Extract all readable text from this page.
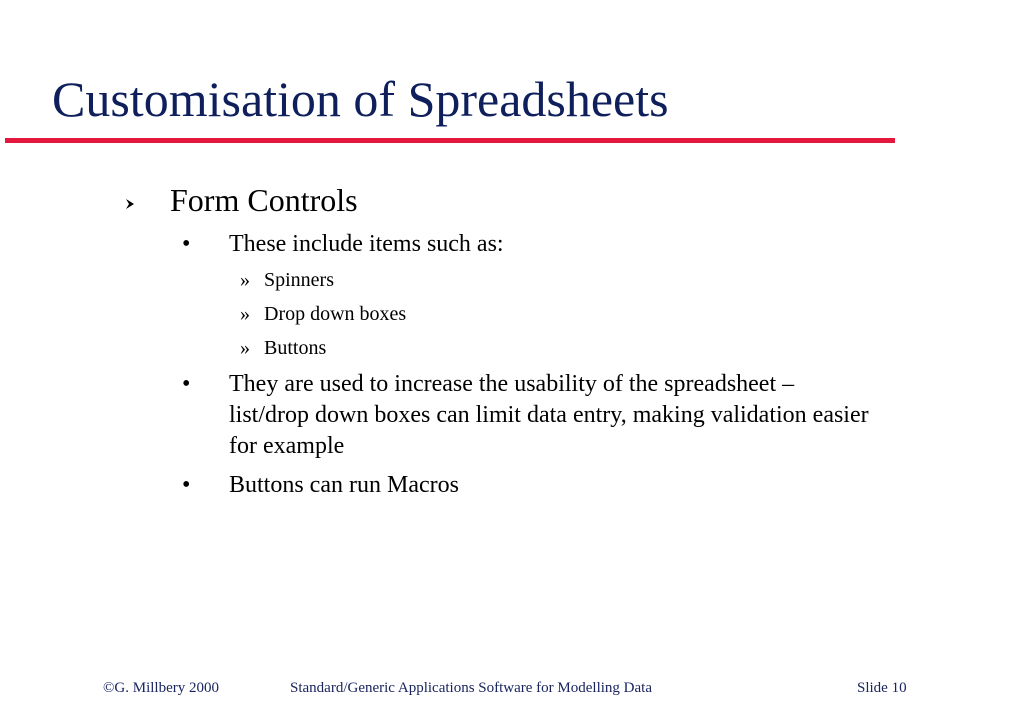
Customisation of Spreadsheets
Form Controls
• These include items such as:
» Spinners
» Drop down boxes
» Buttons
• They are used to increase the usability of the spreadsheet – list/drop down boxes can limit data entry, making validation easier for example
• Buttons can run Macros
©G. Millbery 2000	Standard/Generic Applications Software for Modelling Data	Slide 10
